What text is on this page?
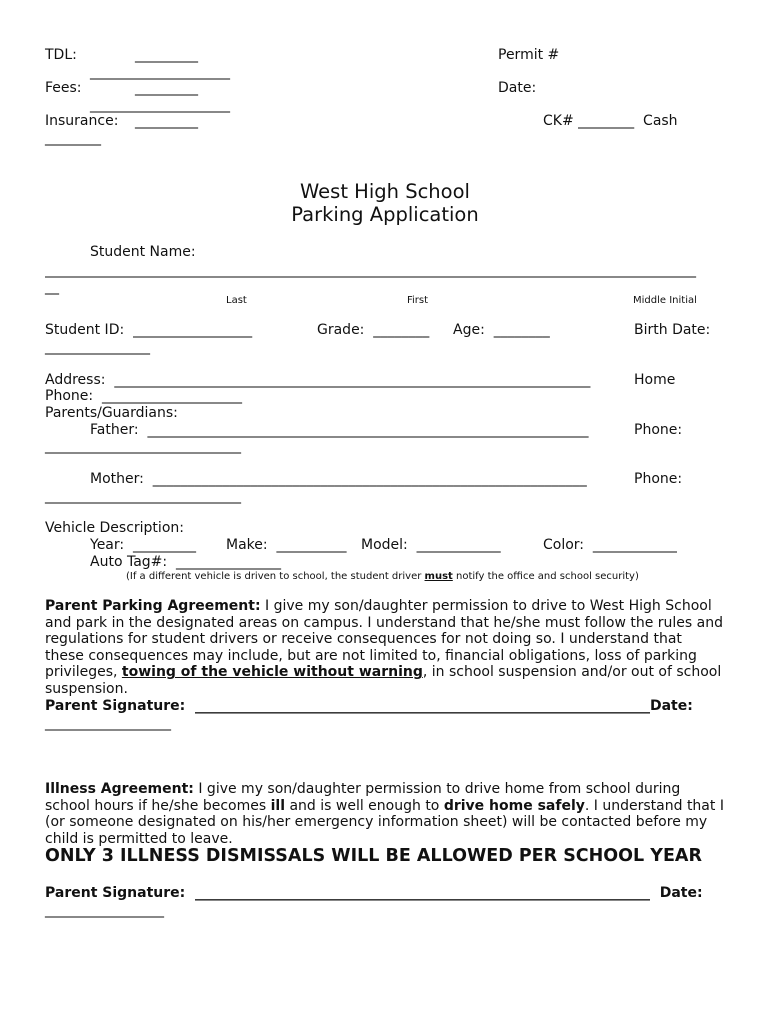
TDL:	_________
____________________
Fees:	_________
____________________
Insurance: _________
________
Permit #
Date:
CK# ________  Cash
West High School
Parking Application
Student Name:
_____________________________________________________________________________________________
__
Last	First	Middle Initial
Student ID:  _________________	Grade:  ________ Age:  ________	Birth Date:
_______________
Address:  ____________________________________________________________________	Home
Phone:  ____________________
Parents/Guardians:
Father:  _______________________________________________________________	Phone:
____________________________
Mother:  ______________________________________________________________	Phone:
____________________________
Vehicle Description:
Year:  _________ Make:  __________ Model:  ____________	Color:  ____________
Auto Tag#:  _______________
(If a different vehicle is driven to school, the student driver must notify the office and school security)
Parent Parking Agreement: I give my son/daughter permission to drive to West High School and park in the designated areas on campus. I understand that he/she must follow the rules and regulations for student drivers or receive consequences for not doing so. I understand that these consequences may include, but are not limited to, financial obligations, loss of parking privileges, towing of the vehicle without warning, in school suspension and/or out of school suspension.
Parent Signature:  _________________________________________________________________Date:
__________________
Illness Agreement: I give my son/daughter permission to drive home from school during school hours if he/she becomes ill and is well enough to drive home safely. I understand that I (or someone designated on his/her emergency information sheet) will be contacted before my child is permitted to leave.
ONLY 3 ILLNESS DISMISSALS WILL BE ALLOWED PER SCHOOL YEAR
Parent Signature:  _________________________________________________________________  Date:
_________________
